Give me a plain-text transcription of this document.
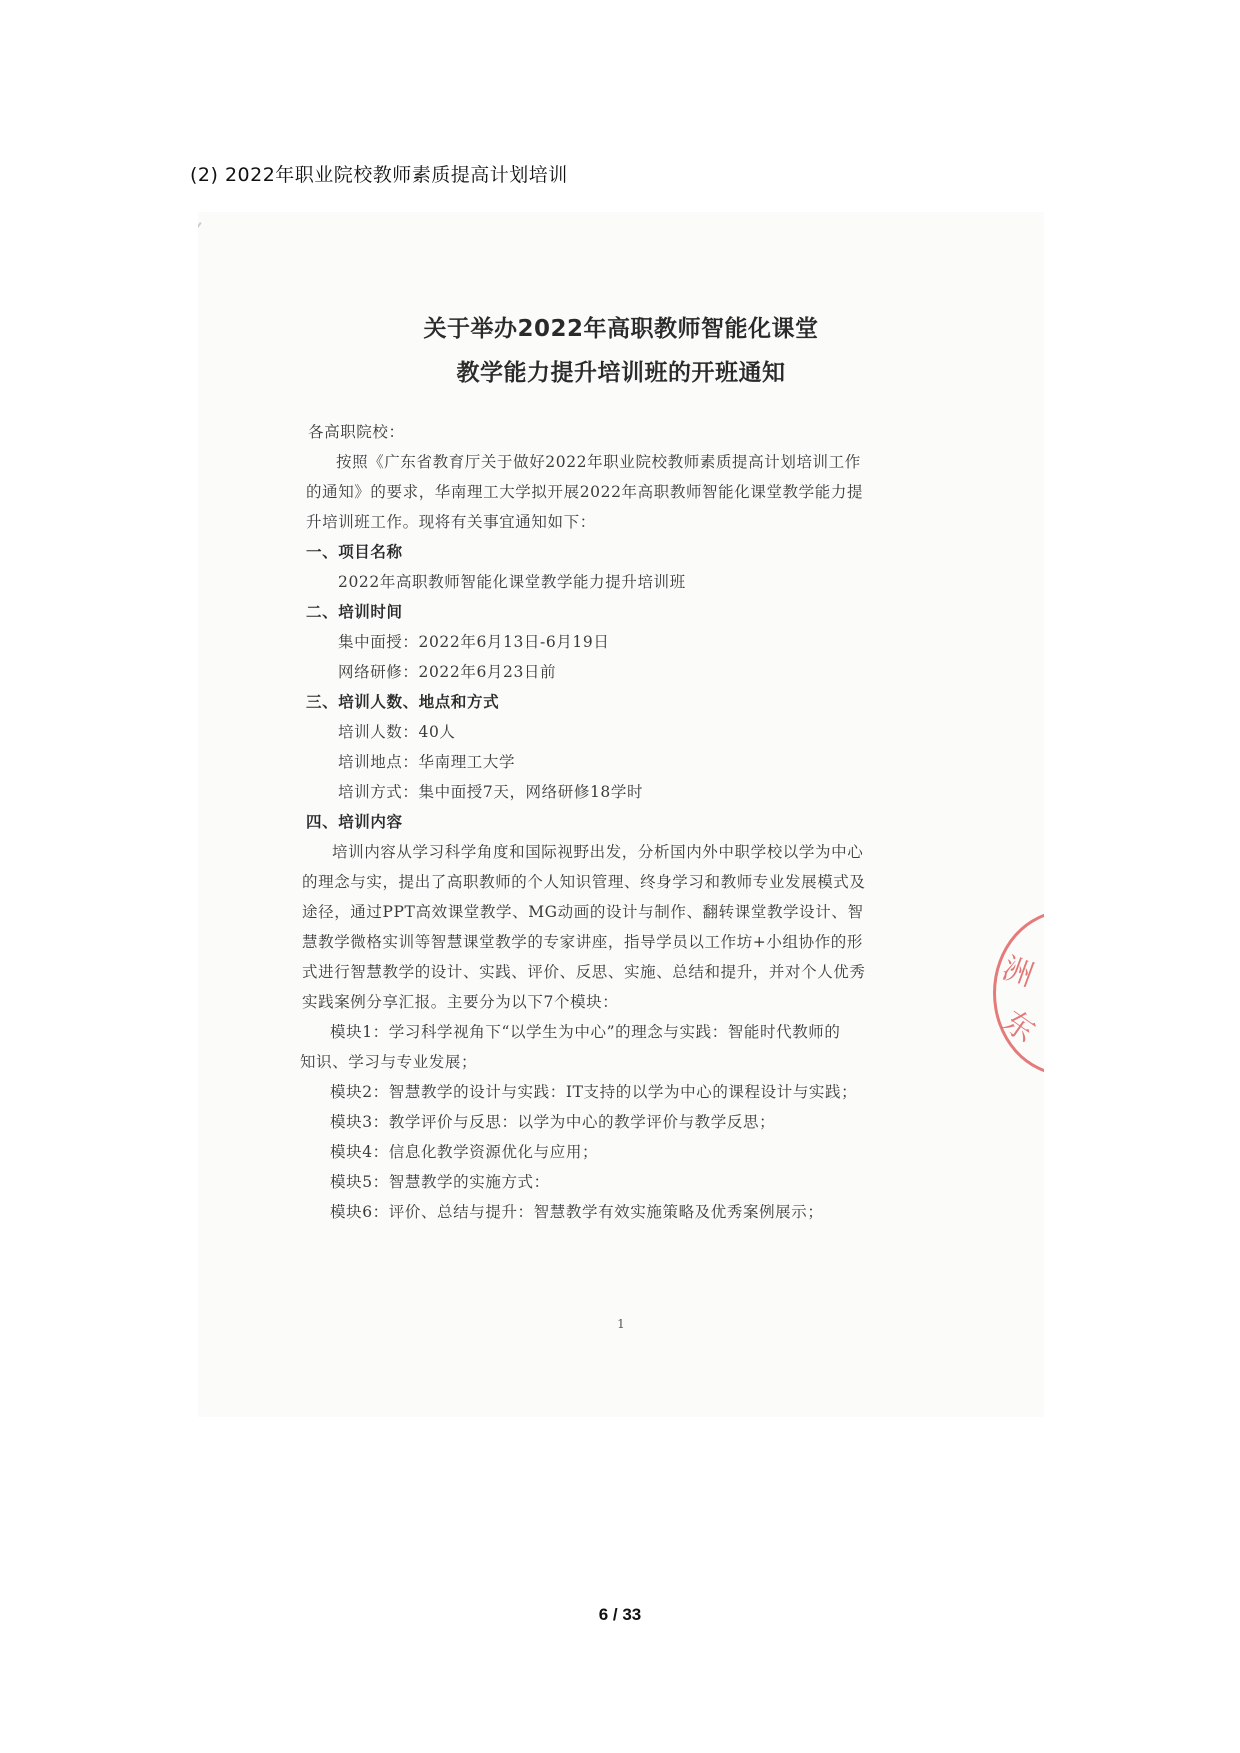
(2) 2022年职业院校教师素质提高计划培训
关于举办2022年高职教师智能化课堂
教学能力提升培训班的开班通知
各高职院校：
按照《广东省教育厅关于做好2022年职业院校教师素质提高计划培训工作
的通知》的要求，华南理工大学拟开展2022年高职教师智能化课堂教学能力提
升培训班工作。现将有关事宜通知如下：
一、项目名称
2022年高职教师智能化课堂教学能力提升培训班
二、培训时间
集中面授：2022年6月13日-6月19日
网络研修：2022年6月23日前
三、培训人数、地点和方式
培训人数：40人
培训地点：华南理工大学
培训方式：集中面授7天，网络研修18学时
四、培训内容
培训内容从学习科学角度和国际视野出发，分析国内外中职学校以学为中心
的理念与实，提出了高职教师的个人知识管理、终身学习和教师专业发展模式及
途径，通过PPT高效课堂教学、MG动画的设计与制作、翻转课堂教学设计、智
慧教学微格实训等智慧课堂教学的专家讲座，指导学员以工作坊+小组协作的形
式进行智慧教学的设计、实践、评价、反思、实施、总结和提升，并对个人优秀
实践案例分享汇报。主要分为以下7个模块：
模块1：学习科学视角下“以学生为中心”的理念与实践：智能时代教师的
知识、学习与专业发展；
模块2：智慧教学的设计与实践：IT支持的以学为中心的课程设计与实践；
模块3：教学评价与反思：以学为中心的教学评价与教学反思；
模块4：信息化教学资源优化与应用；
模块5：智慧教学的实施方式：
模块6：评价、总结与提升：智慧教学有效实施策略及优秀案例展示；
1
洲
东
6 / 33
